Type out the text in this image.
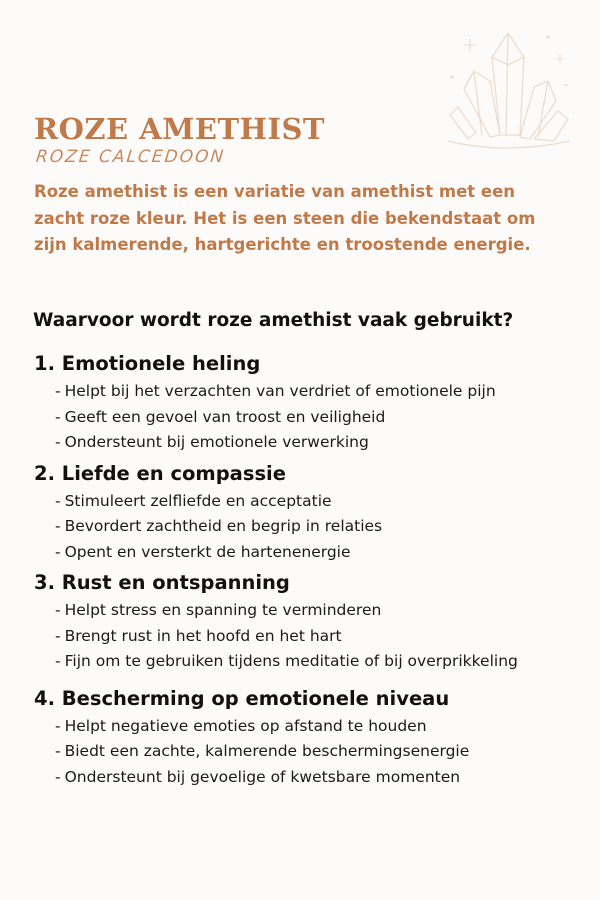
ROZE AMETHIST
ROZE CALCEDOON

Roze amethist is een variatie van amethist met een zacht roze kleur. Het is een steen die bekendstaat om zijn kalmerende, hartgerichte en troostende energie.

Waarvoor wordt roze amethist vaak gebruikt?
1. Emotionele heling
- Helpt bij het verzachten van verdriet of emotionele pijn
- Geeft een gevoel van troost en veiligheid
- Ondersteunt bij emotionele verwerking
2. Liefde en compassie
- Stimuleert zelfliefde en acceptatie
- Bevordert zachtheid en begrip in relaties
- Opent en versterkt de hartenenergie
3. Rust en ontspanning
- Helpt stress en spanning te verminderen
- Brengt rust in het hoofd en het hart
- Fijn om te gebruiken tijdens meditatie of bij overprikkeling
4. Bescherming op emotionele niveau
- Helpt negatieve emoties op afstand te houden
- Biedt een zachte, kalmerende beschermingsenergie
- Ondersteunt bij gevoelige of kwetsbare momenten
